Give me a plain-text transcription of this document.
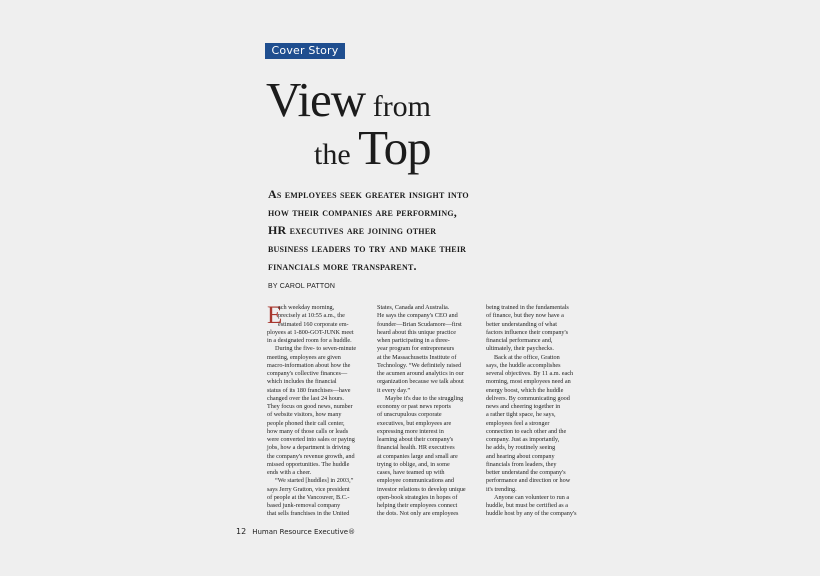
Cover Story
View from
the Top
As employees seek greater insight into
how their companies are performing,
HR executives are joining other
business leaders to try and make their
financials more transparent.
BY CAROL PATTON
E
ach weekday morning,
precisely at 10:55 a.m., the
estimated 160 corporate em-
ployees at 1-800-GOT-JUNK meet
in a designated room for a huddle.
During the five- to seven-minute
meeting, employees are given
macro-information about how the
company's collective finances—
which includes the financial
status of its 180 franchises—have
changed over the last 24 hours.
They focus on good news, number
of website visitors, how many
people phoned their call center,
how many of those calls or leads
were converted into sales or paying
jobs, how a department is driving
the company's revenue growth, and
missed opportunities. The huddle
ends with a cheer.
“We started [huddles] in 2003,”
says Jerry Gratton, vice president
of people at the Vancouver, B.C.-
based junk-removal company
that sells franchises in the United
States, Canada and Australia.
He says the company's CEO and
founder—Brian Scudamore—first
heard about this unique practice
when participating in a three-
year program for entrepreneurs
at the Massachusetts Institute of
Technology. “We definitely raised
the acumen around analytics in our
organization because we talk about
it every day.”
Maybe it's due to the struggling
economy or past news reports
of unscrupulous corporate
executives, but employees are
expressing more interest in
learning about their company's
financial health. HR executives
at companies large and small are
trying to oblige, and, in some
cases, have teamed up with
employee communications and
investor relations to develop unique
open-book strategies in hopes of
helping their employees connect
the dots. Not only are employees
being trained in the fundamentals
of finance, but they now have a
better understanding of what
factors influence their company's
financial performance and,
ultimately, their paychecks.
Back at the office, Gratton
says, the huddle accomplishes
several objectives. By 11 a.m. each
morning, most employees need an
energy boost, which the huddle
delivers. By communicating good
news and cheering together in
a rather tight space, he says,
employees feel a stronger
connection to each other and the
company. Just as importantly,
he adds, by routinely seeing
and hearing about company
financials from leaders, they
better understand the company's
performance and direction or how
it's trending.
Anyone can volunteer to run a
huddle, but must be certified as a
huddle host by any of the company's
12 Human Resource Executive®
